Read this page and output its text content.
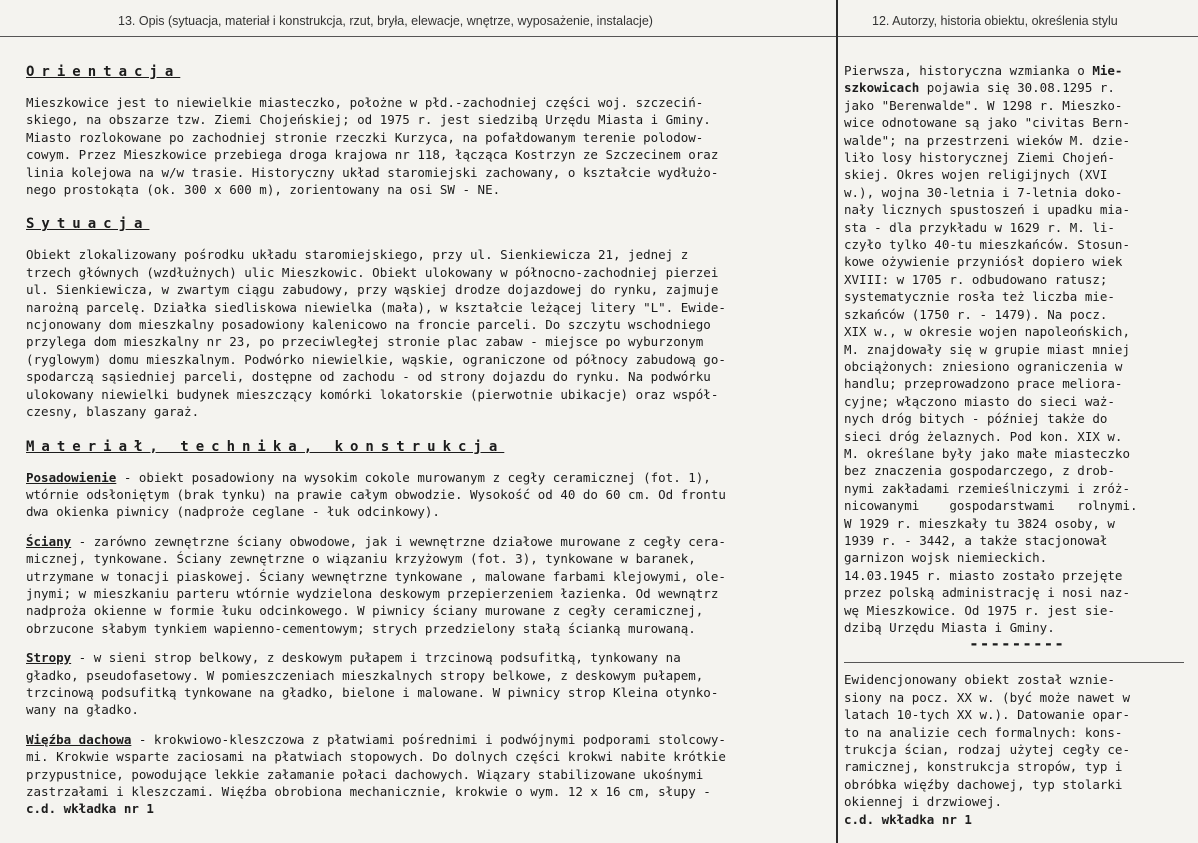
13. Opis (sytuacja, materiał i konstrukcja, rzut, bryła, elewacje, wnętrze, wyposażenie, instalacje)	12. Autorzy, historia obiektu, określenia stylu

Orientacja

Mieszkowice jest to niewielkie miasteczko, położne w płd.-zachodniej części woj. szczeciń-

skiego, na obszarze tzw. Ziemi Chojeńskiej; od 1975 r. jest siedzibą Urzędu Miasta i Gminy.

Miasto rozlokowane po zachodniej stronie rzeczki Kurzyca, na pofałdowanym terenie polodow-

cowym. Przez Mieszkowice przebiega droga krajowa nr 118, łącząca Kostrzyn ze Szczecinem oraz

linia kolejowa na w/w trasie. Historyczny układ staromiejski zachowany, o kształcie wydłużo-

nego prostokąta (ok. 300 x 600 m), zorientowany na osi SW - NE.

Sytuacja

Obiekt zlokalizowany pośrodku układu staromiejskiego, przy ul. Sienkiewicza 21, jednej z

trzech głównych (wzdłużnych) ulic Mieszkowic. Obiekt ulokowany w północno-zachodniej pierzei

ul. Sienkiewicza, w zwartym ciągu zabudowy, przy wąskiej drodze dojazdowej do rynku, zajmuje

narożną parcelę. Działka siedliskowa niewielka (mała), w kształcie leżącej litery "L". Ewide-

ncjonowany dom mieszkalny posadowiony kalenicowo na froncie parceli. Do szczytu wschodniego

przylega dom mieszkalny nr 23, po przeciwległej stronie plac zabaw - miejsce po wyburzonym

(ryglowym) domu mieszkalnym. Podwórko niewielkie, wąskie, ograniczone od północy zabudową go-

spodarczą sąsiedniej parceli, dostępne od zachodu - od strony dojazdu do rynku. Na podwórku

ulokowany niewielki budynek mieszczący komórki lokatorskie (pierwotnie ubikacje) oraz współ-

czesny, blaszany garaż.

Materiał, technika, konstrukcja

Posadowienie - obiekt posadowiony na wysokim cokole murowanym z cegły ceramicznej (fot. 1),

wtórnie odsłoniętym (brak tynku) na prawie całym obwodzie. Wysokość od 40 do 60 cm. Od frontu

dwa okienka piwnicy (nadproże ceglane - łuk odcinkowy).

Ściany - zarówno zewnętrzne ściany obwodowe, jak i wewnętrzne działowe murowane z cegły cera-

micznej, tynkowane. Ściany zewnętrzne o wiązaniu krzyżowym (fot. 3), tynkowane w baranek,

utrzymane w tonacji piaskowej. Ściany wewnętrzne tynkowane , malowane farbami klejowymi, ole-

jnymi; w mieszkaniu parteru wtórnie wydzielona deskowym przepierzeniem łazienka. Od wewnątrz

nadproża okienne w formie łuku odcinkowego. W piwnicy ściany murowane z cegły ceramicznej,

obrzucone słabym tynkiem wapienno-cementowym; strych przedzielony stałą ścianką murowaną.

Stropy - w sieni strop belkowy, z deskowym pułapem i trzcinową podsufitką, tynkowany na

gładko, pseudofasetowy. W pomieszczeniach mieszkalnych stropy belkowe, z deskowym pułapem,

trzcinową podsufitką tynkowane na gładko, bielone i malowane. W piwnicy strop Kleina otynko-

wany na gładko.

Więźba dachowa - krokwiowo-kleszczowa z płatwiami pośrednimi i podwójnymi podporami stolcowy-

mi. Krokwie wsparte zaciosami na płatwiach stopowych. Do dolnych części krokwi nabite krótkie

przypustnice, powodujące lekkie załamanie połaci dachowych. Wiązary stabilizowane ukośnymi

zastrzałami i kleszczami. Więźba obrobiona mechanicznie, krokwie o wym. 12 x 16 cm, słupy -

c.d. wkładka nr 1

Pierwsza, historyczna wzmianka o Mie-

szkowicach pojawia się 30.08.1295 r.

jako "Berenwalde". W 1298 r. Mieszko-

wice odnotowane są jako "civitas Bern-

walde"; na przestrzeni wieków M. dzie-

liło losy historycznej Ziemi Chojeń-

skiej. Okres wojen religijnych (XVI

w.), wojna 30-letnia i 7-letnia doko-

nały licznych spustoszeń i upadku mia-

sta - dla przykładu w 1629 r. M. li-

czyło tylko 40-tu mieszkańców. Stosun-

kowe ożywienie przyniósł dopiero wiek

XVIII: w 1705 r. odbudowano ratusz;

systematycznie rosła też liczba mie-

szkańców (1750 r. - 1479). Na pocz.

XIX w., w okresie wojen napoleońskich,

M. znajdowały się w grupie miast mniej

obciążonych: zniesiono ograniczenia w

handlu; przeprowadzono prace meliora-

cyjne; włączono miasto do sieci waż-

nych dróg bitych - później także do

sieci dróg żelaznych. Pod kon. XIX w.

M. określane były jako małe miasteczko

bez znaczenia gospodarczego, z drob-

nymi zakładami rzemieślniczymi i zróż-

nicowanymi    gospodarstwami   rolnymi.

W 1929 r. mieszkały tu 3824 osoby, w

1939 r. - 3442, a także stacjonował

garnizon wojsk niemieckich.

14.03.1945 r. miasto zostało przejęte

przez polską administrację i nosi naz-

wę Mieszkowice. Od 1975 r. jest sie-

dzibą Urzędu Miasta i Gminy.

---------

Ewidencjonowany obiekt został wznie-

siony na pocz. XX w. (być może nawet w

latach 10-tych XX w.). Datowanie opar-

to na analizie cech formalnych: kons-

trukcja ścian, rodzaj użytej cegły ce-

ramicznej, konstrukcja stropów, typ i

obróbka więźby dachowej, typ stolarki

okiennej i drzwiowej.

c.d. wkładka nr 1
